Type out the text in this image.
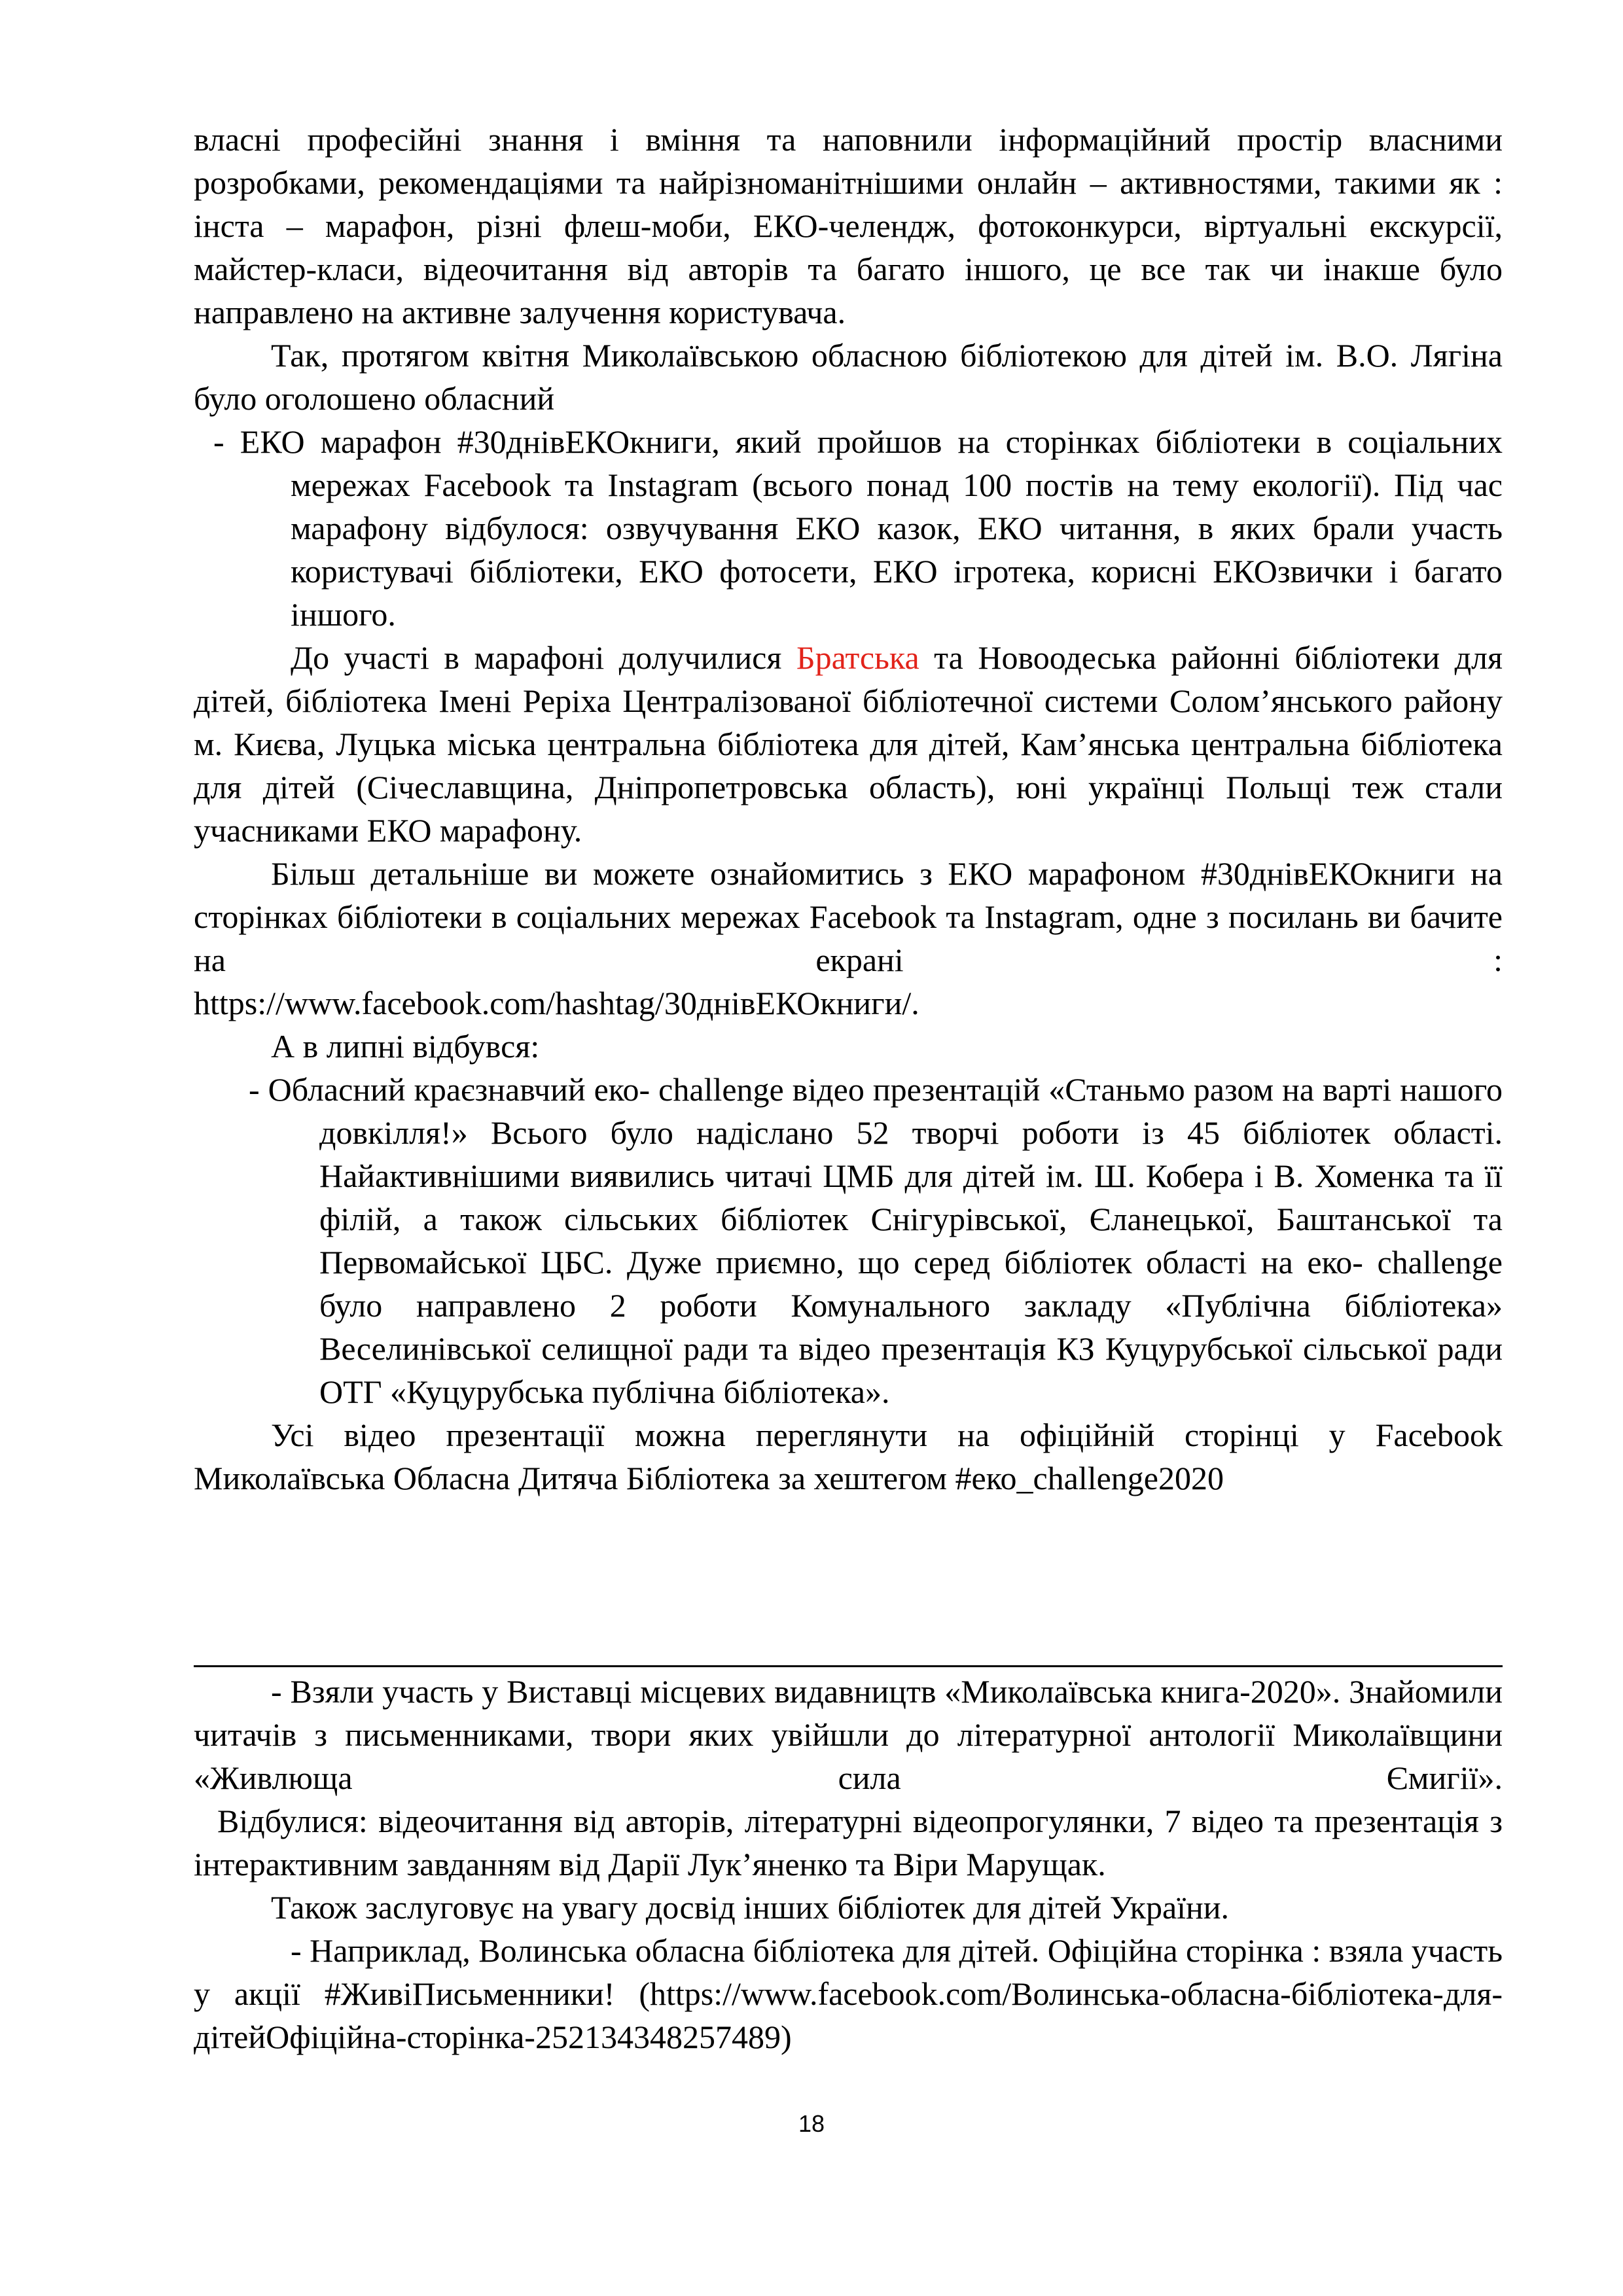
власні професійні знання і вміння та наповнили інформаційний простір власними розробками, рекомендаціями та найрізноманітнішими онлайн – активностями, такими як : інста – марафон, різні флеш-моби, ЕКО-челендж, фотоконкурси, віртуальні екскурсії, майстер-класи, відеочитання від авторів та багато іншого, це все так чи інакше було направлено на активне залучення користувача.

Так, протягом квітня Миколаївською обласною бібліотекою для дітей ім. В.О. Лягіна було оголошено обласний

- ЕКО марафон #30днівЕКОкниги, який пройшов на сторінках бібліотеки в соціальних мережах Facebook та Instagram (всього понад 100 постів на тему екології). Під час марафону відбулося: озвучування ЕКО казок, ЕКО читання, в яких брали участь користувачі бібліотеки, ЕКО фотосети, ЕКО ігротека, корисні ЕКОзвички і багато іншого.

До участі в марафоні долучилися Братська та Новоодеська районні бібліотеки для дітей, бібліотека Імені Реріха Централізованої бібліотечної системи Солом’янського району м. Києва, Луцька міська центральна бібліотека для дітей, Кам’янська центральна бібліотека для дітей (Січеславщина, Дніпропетровська область), юні українці Польщі теж стали учасниками ЕКО марафону.

Більш детальніше ви можете ознайомитись з ЕКО марафоном #30днівЕКОкниги на сторінках бібліотеки в соціальних мережах Facebook та Instagram, одне з посилань ви бачите на екрані :

https://www.facebook.com/hashtag/30днівЕКОкниги/.

А в липні відбувся:

- Обласний краєзнавчий еко- challenge відео презентацій «Станьмо разом на варті нашого довкілля!» Всього було надіслано 52 творчі роботи із 45 бібліотек області. Найактивнішими виявились читачі ЦМБ для дітей ім. Ш. Кобера і В. Хоменка та її філій, а також сільських бібліотек Снігурівської, Єланецької, Баштанської та Первомайської ЦБС. Дуже приємно, що серед бібліотек області на еко- challenge було направлено 2 роботи Комунального закладу «Публічна бібліотека» Веселинівської селищної ради та відео презентація КЗ Куцурубської сільської ради ОТГ «Куцурубська публічна бібліотека».

Усі відео презентації можна переглянути на офіційній сторінці у Facebook Миколаївська Обласна Дитяча Бібліотека за хештегом #еко_challenge2020

- Взяли участь у Виставці місцевих видавництв «Миколаївська книга-2020». Знайомили читачів з письменниками, твори яких увійшли до літературної антології Миколаївщини «Живлюща сила Ємигії».

Відбулися: відеочитання від авторів, літературні відеопрогулянки, 7 відео та презентація з інтерактивним завданням від Дарії Лук’яненко та Віри Марущак.

Також заслуговує на увагу досвід інших бібліотек для дітей України.

- Наприклад, Волинська обласна бібліотека для дітей. Офіційна сторінка : взяла участь у акції #ЖивіПисьменники! (https://www.facebook.com/Волинська-обласна-бібліотека-для-дітейОфіційна-сторінка-252134348257489)

18
